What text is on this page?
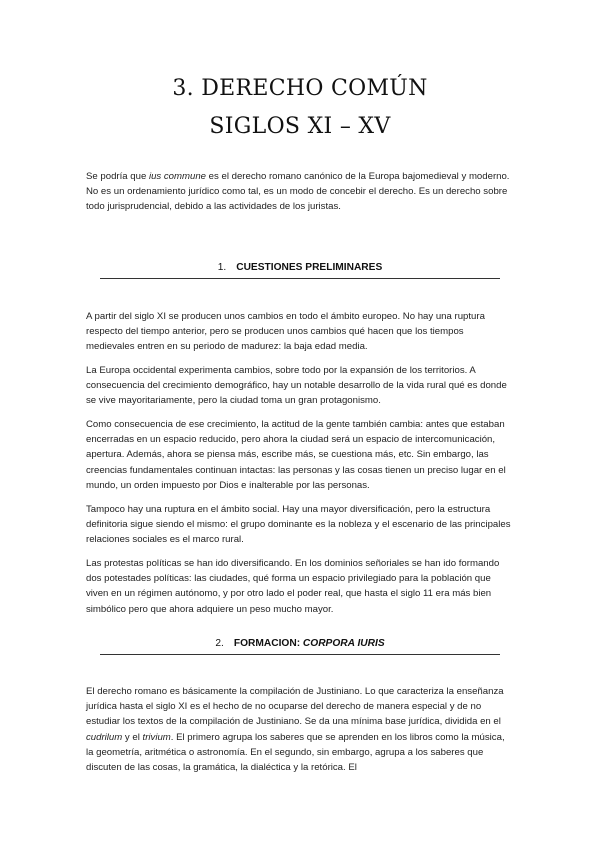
3. DERECHO COMÚN
SIGLOS XI – XV
Se podría que ius commune es el derecho romano canónico de la Europa bajomedieval y moderno. No es un ordenamiento jurídico como tal, es un modo de concebir el derecho. Es un derecho sobre todo jurisprudencial, debido a las actividades de los juristas.
1. CUESTIONES PRELIMINARES
A partir del siglo XI se producen unos cambios en todo el ámbito europeo. No hay una ruptura respecto del tiempo anterior, pero se producen unos cambios qué hacen que los tiempos medievales entren en su periodo de madurez: la baja edad media.
La Europa occidental experimenta cambios, sobre todo por la expansión de los territorios. A consecuencia del crecimiento demográfico, hay un notable desarrollo de la vida rural qué es donde se vive mayoritariamente, pero la ciudad toma un gran protagonismo.
Como consecuencia de ese crecimiento, la actitud de la gente también cambia: antes que estaban encerradas en un espacio reducido, pero ahora la ciudad será un espacio de intercomunicación, apertura. Además, ahora se piensa más, escribe más, se cuestiona más, etc. Sin embargo, las creencias fundamentales continuan intactas: las personas y las cosas tienen un preciso lugar en el mundo, un orden impuesto por Dios e inalterable por las personas.
Tampoco hay una ruptura en el ámbito social. Hay una mayor diversificación, pero la estructura definitoria sigue siendo el mismo: el grupo dominante es la nobleza y el escenario de las principales relaciones sociales es el marco rural.
Las protestas políticas se han ido diversificando. En los dominios señoriales se han ido formando dos potestades políticas: las ciudades, qué forma un espacio privilegiado para la población que viven en un régimen autónomo, y por otro lado el poder real, que hasta el siglo 11 era más bien simbólico pero que ahora adquiere un peso mucho mayor.
2. FORMACION: CORPORA IURIS
El derecho romano es básicamente la compilación de Justiniano. Lo que caracteriza la enseñanza jurídica hasta el siglo XI es el hecho de no ocuparse del derecho de manera especial y de no estudiar los textos de la compilación de Justiniano. Se da una mínima base jurídica, dividida en el cudrilum y el trivium. El primero agrupa los saberes que se aprenden en los libros como la música, la geometría, aritmética o astronomía. En el segundo, sin embargo, agrupa a los saberes que discuten de las cosas, la gramática, la dialéctica y la retórica. El
